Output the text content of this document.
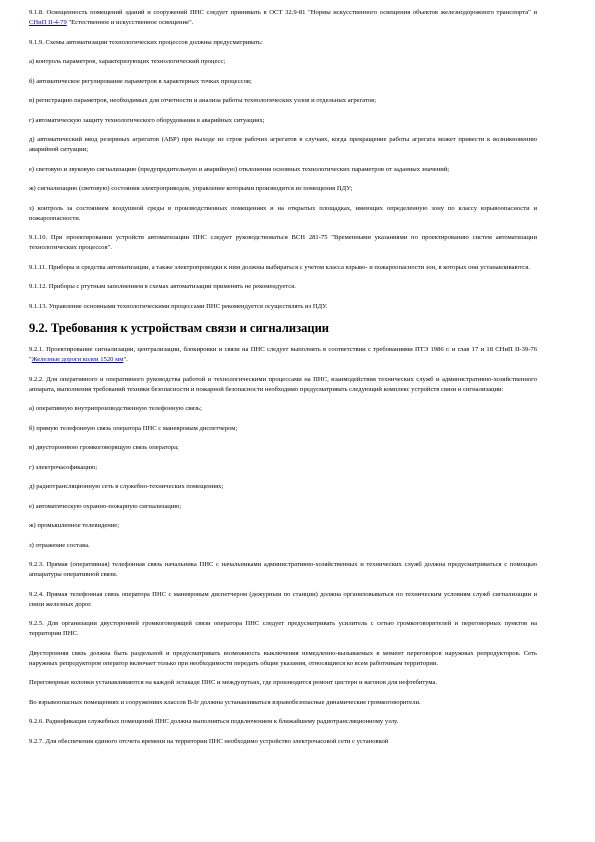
9.1.8. Освещенность помещений зданий и сооружений ПНС следует принимать в ОСТ 32.9-81 "Нормы искусственного освещения объектов железнодорожного транспорта" и СНиП II-4-79 "Естественное и искусственное освещение".

9.1.9. Схемы автоматизации технологических процессов должны предусматривать:

а) контроль параметров, характеризующих технологический процесс;

б) автоматическое регулирование параметров в характерных точках процессов;

в) регистрацию параметров, необходимых для отчетности и анализа работы технологических узлов и отдельных агрегатов;

г) автоматическую защиту технологического оборудования в аварийных ситуациях;

д) автоматический ввод резервных агрегатов (АВР) при выходе из строя рабочих агрегатов в случаях, когда прекращение работы агрегата может привести к возникновению аварийной ситуации;

е) световую и звуковую сигнализацию (предупредительную и аварийную) отклонения основных технологических параметров от заданных значений;

ж) сигнализацию (световую) состояния электроприводов, управление которыми производится из помещения ПДУ;

з) контроль за состоянием воздушной среды в производственных помещениях и на открытых площадках, имеющих определенную зону по классу взрывоопасности и пожароопасности.

9.1.10. При проектировании устройств автоматизации ПНС следует руководствоваться ВСН 281-75 "Временными указаниями по проектированию систем автоматизации технологических процессов".

9.1.11. Приборы и средства автоматизации, а также электропроводки к ним должны выбираться с учетом класса взрыво- и пожароопасности зон, в которых они устанавливаются.

9.1.12. Приборы с ртутным заполнением в схемах автоматизации применять не рекомендуется.

9.1.13. Управление основными технологическими процессами ПНС рекомендуется осуществлять из ПДУ.

9.2. Требования к устройствам связи и сигнализации

9.2.1. Проектирование сигнализации, централизации, блокировки и связи на ПНС следует выполнять в соответствии с требованиями ПТЭ 1986 г. и глав 17 и 18 СНиП II-39-76 "Железные дороги колеи 1520 мм".

9.2.2. Для оперативного и оперативного руководства работой и технологическими процессами на ПНС, взаимодействия технических служб и административно-хозяйственного аппарата, выполнения требований техники безопасности и пожарной безопасности необходимо предусматривать следующий комплекс устройств связи и сигнализации:

а) оперативную внутрипроизводственную телефонную связь;

б) прямую телефонную связь оператора ПНС с маневровым диспетчером;

в) двустороннюю громкоговорящую связь оператора;

г) электрочасофикацию;

д) радиотрансляционную сеть в служебно-технических помещениях;

е) автоматическую охранно-пожарную сигнализацию;

ж) промышленное телевидение;

з) отражение состава.

9.2.3. Прямая (оперативная) телефонная связь начальника ПНС с начальниками административно-хозяйственных и технических служб должна предусматриваться с помощью аппаратуры оперативной связи.

9.2.4. Прямая телефонная связь оператора ПНС с маневровым диспетчером (дежурным по станции) должна организовываться по техническим условиям служб сигнализации и связи железных дорог.

9.2.5. Для организации двусторонней громкоговорящей связи оператора ПНС следует предусматривать усилитель с сетью громкоговорителей и переговорных пунктов на территории ПНС.

Двусторонняя связь должна быть раздельной и предусматривать возможность выключения немедленно-вызываемых в момент переговоров наружных репродукторов. Сеть наружных репродукторов оператор включает только при необходимости передать общие указания, относящиеся ко всем работникам территории.

Переговорные колонки устанавливаются на каждой эстакаде ПНС и междупутьях, где производится ремонт цистерн и вагонов для нефтебитума.

Во взрывоопасных помещениях и сооружениях классов В-Iг должны устанавливаться взрывобезопасные динамические громкоговорители.

9.2.6. Радиофикация служебных помещений ПНС должна выполняться подключением к ближайшему радиотрансляционному узлу.

9.2.7. Для обеспечения единого отсчета времени на территории ПНС необходимо устройство электрочасовой сети с установкой
